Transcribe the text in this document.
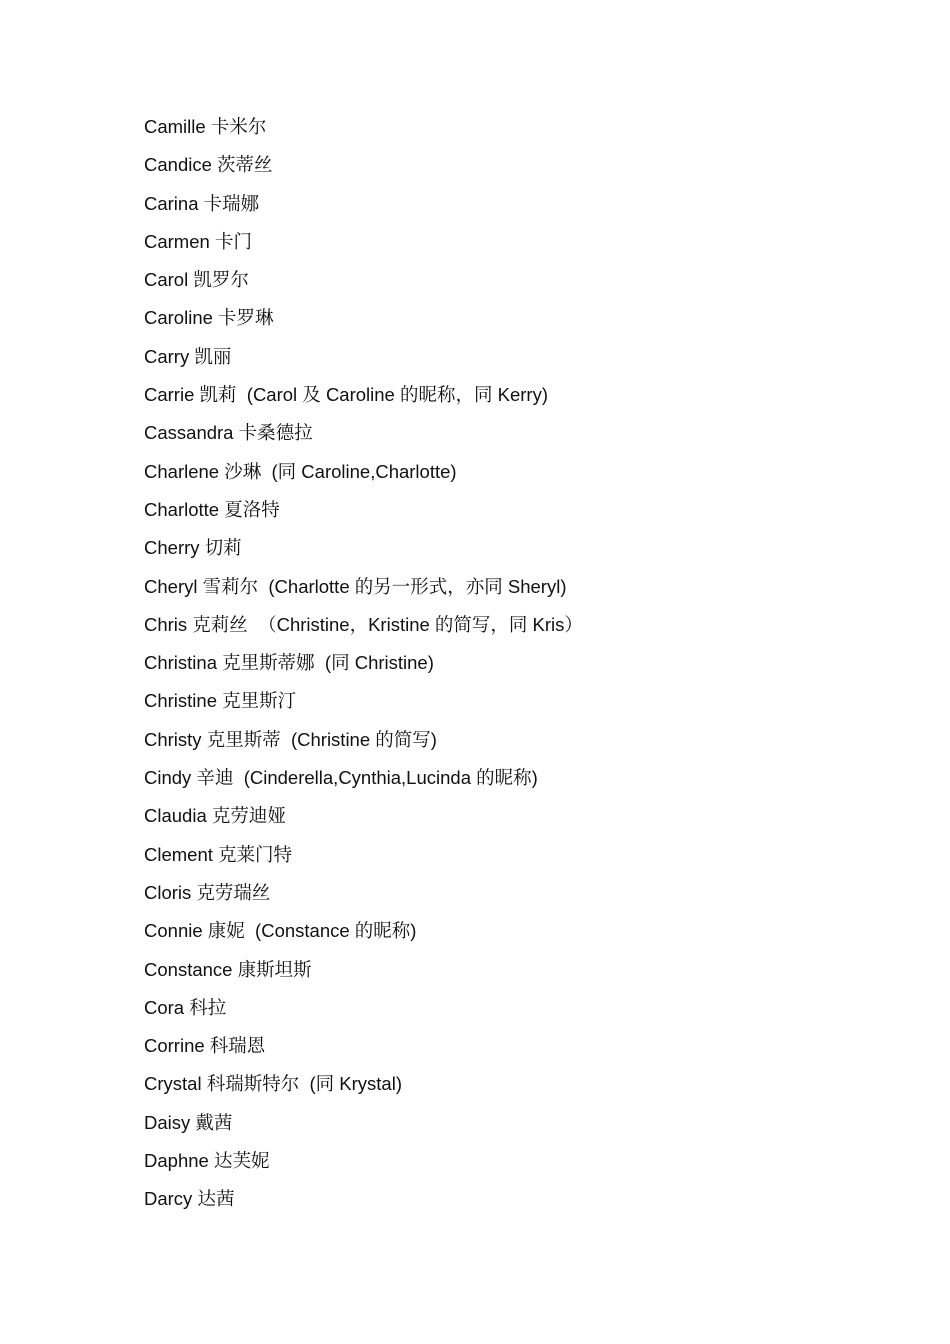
Camille 卡米尔
Candice 茨蒂丝
Carina 卡瑞娜
Carmen 卡门
Carol 凯罗尔
Caroline 卡罗琳
Carry 凯丽
Carrie 凯莉  (Carol 及 Caroline 的昵称，同 Kerry)
Cassandra 卡桑德拉
Charlene 沙琳  (同 Caroline,Charlotte)
Charlotte 夏洛特
Cherry 切莉
Cheryl 雪莉尔  (Charlotte 的另一形式，亦同 Sheryl)
Chris 克莉丝  （Christine，Kristine 的简写，同 Kris）
Christina 克里斯蒂娜  (同 Christine)
Christine 克里斯汀
Christy 克里斯蒂  (Christine 的简写)
Cindy 辛迪  (Cinderella,Cynthia,Lucinda 的昵称)
Claudia 克劳迪娅
Clement 克莱门特
Cloris 克劳瑞丝
Connie 康妮  (Constance 的昵称)
Constance 康斯坦斯
Cora 科拉
Corrine 科瑞恩
Crystal 科瑞斯特尔  (同 Krystal)
Daisy 戴茜
Daphne 达芙妮
Darcy 达茜
